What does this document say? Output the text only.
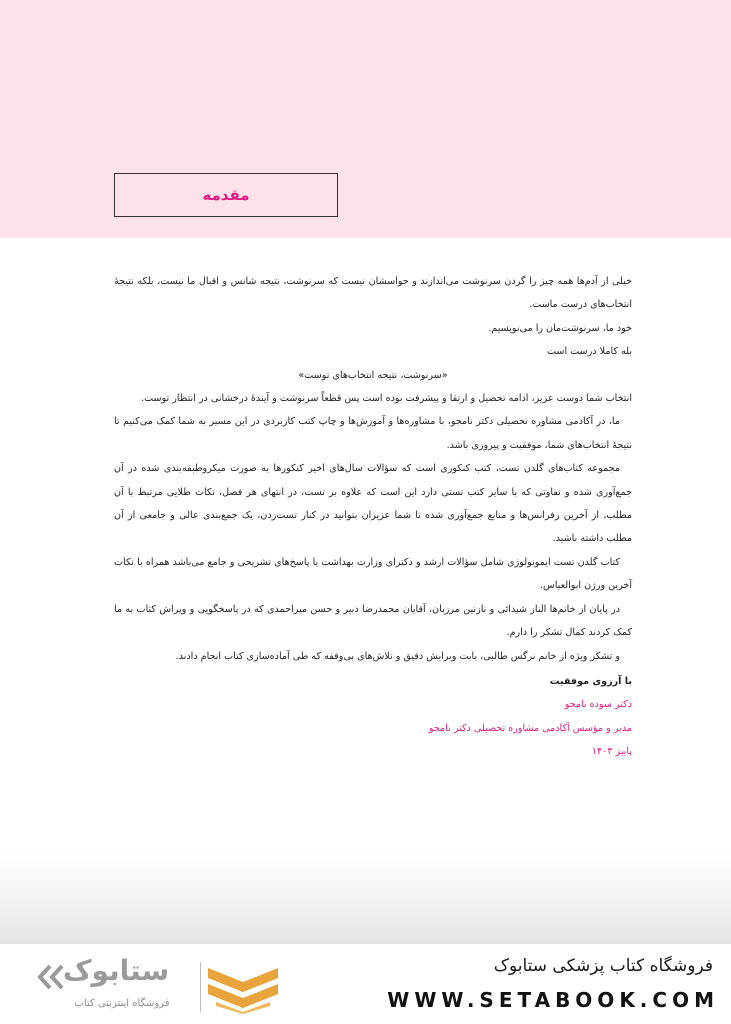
مقدمه

خیلی از آدم‌ها همه چیز را گردن سرنوشت می‌اندازند و حواسشان نیست که سرنوشت، نتیجه شانس و اقبال ما نیست، بلکه نتیجهٔ انتخاب‌های درست ماست.

خود ما، سرنوشت‌مان را می‌نویسیم.

بله کاملا درست است

«سرنوشت، نتیجه انتخاب‌های توست»

انتخاب شما دوست عزیز، ادامه تحصیل و ارتقا و پیشرفت بوده است پس قطعاً سرنوشت و آیندهٔ درخشانی در انتظار توست.

ما، در آکادمی مشاوره تحصیلی دکتر نامجو، با مشاوره‌ها و آموزش‌ها و چاپ کتب کاربردی در این مسیر به شما کمک می‌کنیم تا نتیجهٔ انتخاب‌های شما، موفقیت و پیروزی باشد.

مجموعه کتاب‌های گلدن تست، کتب کنکوری است که سؤالات سال‌های اخیر کنکورها به صورت میکروطبقه‌بندی شده در آن جمع‌آوری شده و تفاوتی که با سایر کتب تستی دارد این است که علاوه بر تست، در انتهای هر فصل، نکات طلایی مرتبط با آن مطلب، از آخرین رفرانس‌ها و منابع جمع‌آوری شده تا شما عزیزان بتوانید در کنار تست‌زدن، یک جمع‌بندی عالی و جامعی از آن مطلب داشته باشید.

کتاب گلدن تست ایمونولوژی شامل سؤالات ارشد و دکترای وزارت بهداشت با پاسخ‌های تشریحی و جامع می‌باشد همراه با نکات آخرین ورژن ابوالعباس.

در پایان از خانم‌ها الناز شیدائی و نازنین مرزبان، آقایان محمدرضا دبیر و حسن میراحمدی که در پاسخگویی و ویراش کتاب به ما کمک کردند کمال تشکر را دارم.

و تشکر ویژه از خانم نرگس طالبی، بابت ویرایش دقیق و تلاش‌های بی‌وقفه که طی آماده‌سازی کتاب انجام دادند.

با آرزوی موفقیت

دکتر سوده نامجو

مدیر و مؤسس آکادمی مشاوره تحصیلی دکتر نامجو

پاییز ۱۴۰۳

فروشگاه کتاب پزشکی ستابوک
WWW.SETABOOK.COM
ستابوک
فروشگاه اینترنتی کتاب
